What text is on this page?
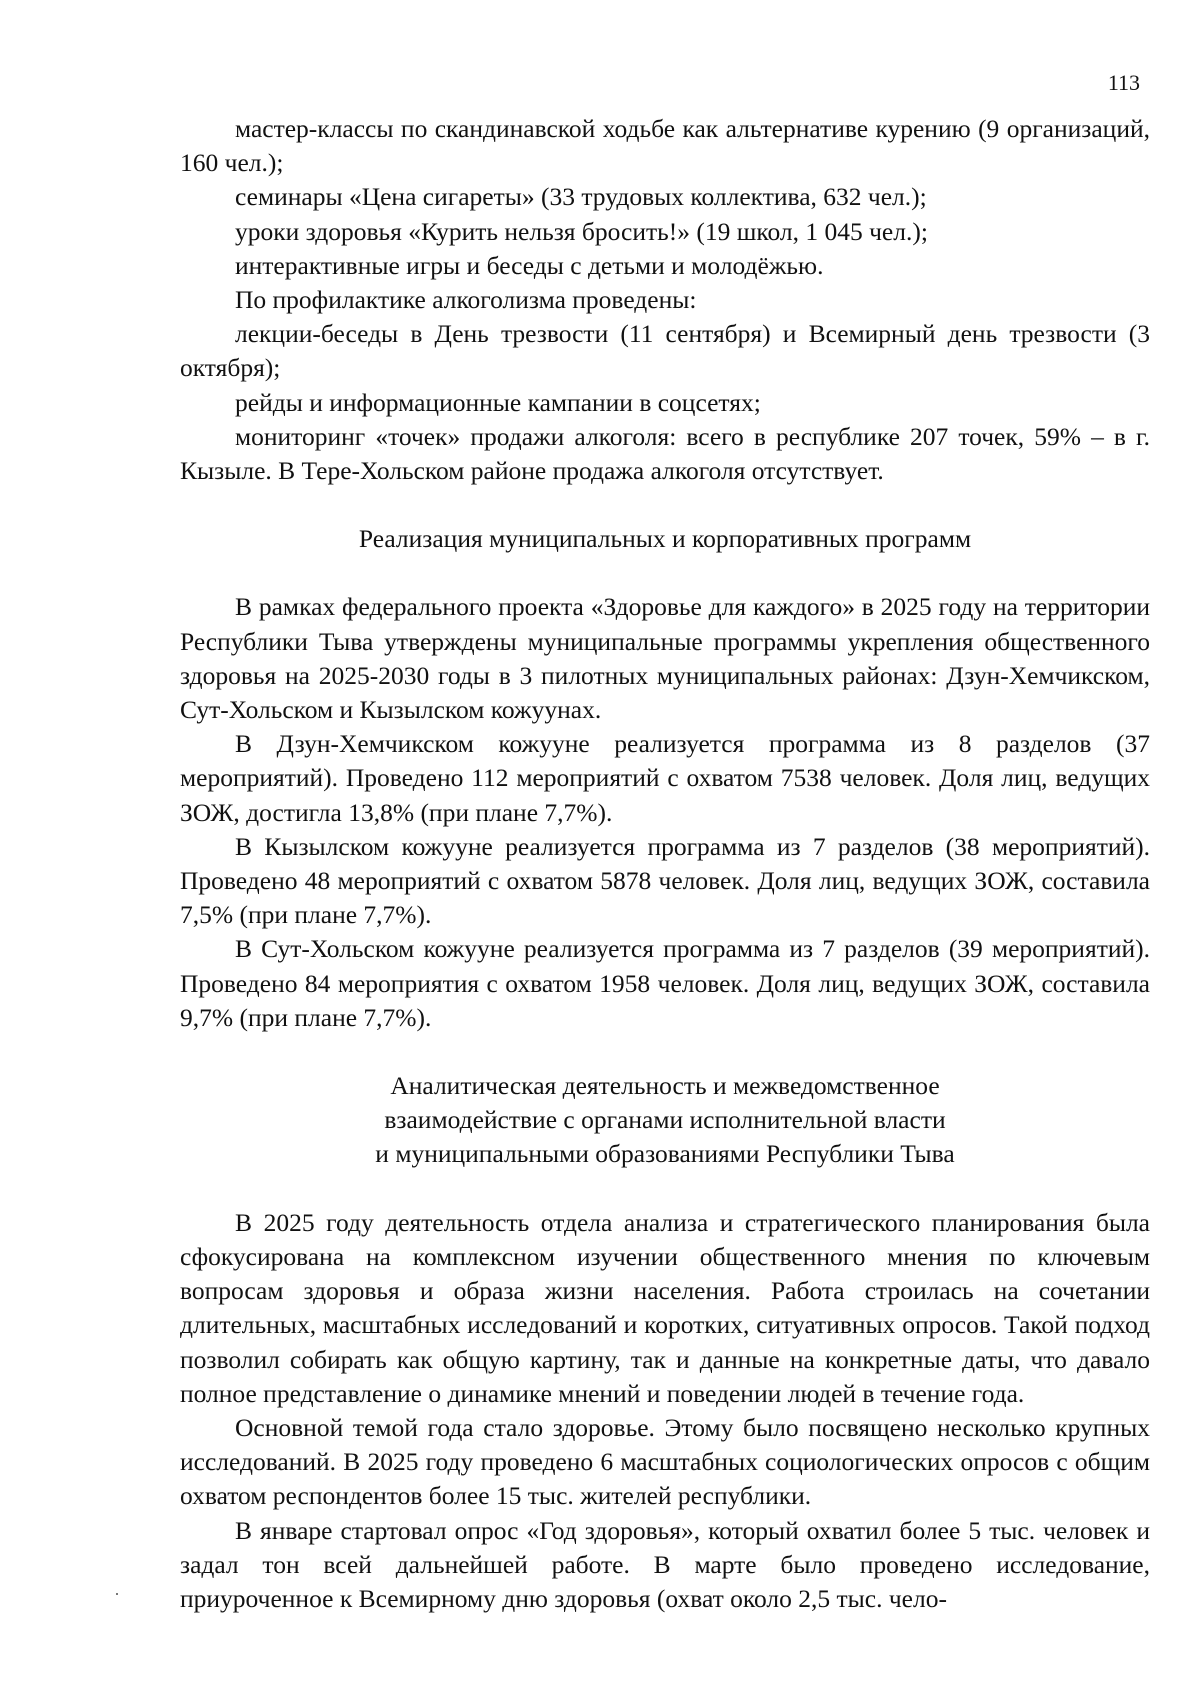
113

мастер-классы по скандинавской ходьбе как альтернативе курению (9 организаций, 160 чел.);

семинары «Цена сигареты» (33 трудовых коллектива, 632 чел.);

уроки здоровья «Курить нельзя бросить!» (19 школ, 1 045 чел.);

интерактивные игры и беседы с детьми и молодёжью.

По профилактике алкоголизма проведены:

лекции-беседы в День трезвости (11 сентября) и Всемирный день трезвости (3 октября);

рейды и информационные кампании в соцсетях;

мониторинг «точек» продажи алкоголя: всего в республике 207 точек, 59% – в г. Кызыле. В Тере-Хольском районе продажа алкоголя отсутствует.

Реализация муниципальных и корпоративных программ

В рамках федерального проекта «Здоровье для каждого» в 2025 году на территории Республики Тыва утверждены муниципальные программы укрепления общественного здоровья на 2025-2030 годы в 3 пилотных муниципальных районах: Дзун-Хемчикском, Сут-Хольском и Кызылском кожуунах.

В Дзун-Хемчикском кожууне реализуется программа из 8 разделов (37 мероприятий). Проведено 112 мероприятий с охватом 7538 человек. Доля лиц, ведущих ЗОЖ, достигла 13,8% (при плане 7,7%).

В Кызылском кожууне реализуется программа из 7 разделов (38 мероприятий). Проведено 48 мероприятий с охватом 5878 человек. Доля лиц, ведущих ЗОЖ, составила 7,5% (при плане 7,7%).

В Сут-Хольском кожууне реализуется программа из 7 разделов (39 мероприятий). Проведено 84 мероприятия с охватом 1958 человек. Доля лиц, ведущих ЗОЖ, составила 9,7% (при плане 7,7%).

Аналитическая деятельность и межведомственное

взаимодействие с органами исполнительной власти

и муниципальными образованиями Республики Тыва

В 2025 году деятельность отдела анализа и стратегического планирования была сфокусирована на комплексном изучении общественного мнения по ключевым вопросам здоровья и образа жизни населения. Работа строилась на сочетании длительных, масштабных исследований и коротких, ситуативных опросов. Такой подход позволил собирать как общую картину, так и данные на конкретные даты, что давало полное представление о динамике мнений и поведении людей в течение года.

Основной темой года стало здоровье. Этому было посвящено несколько крупных исследований. В 2025 году проведено 6 масштабных социологических опросов с общим охватом респондентов более 15 тыс. жителей республики.

В январе стартовал опрос «Год здоровья», который охватил более 5 тыс. человек и задал тон всей дальнейшей работе. В марте было проведено исследование, приуроченное к Всемирному дню здоровья (охват около 2,5 тыс. чело-
